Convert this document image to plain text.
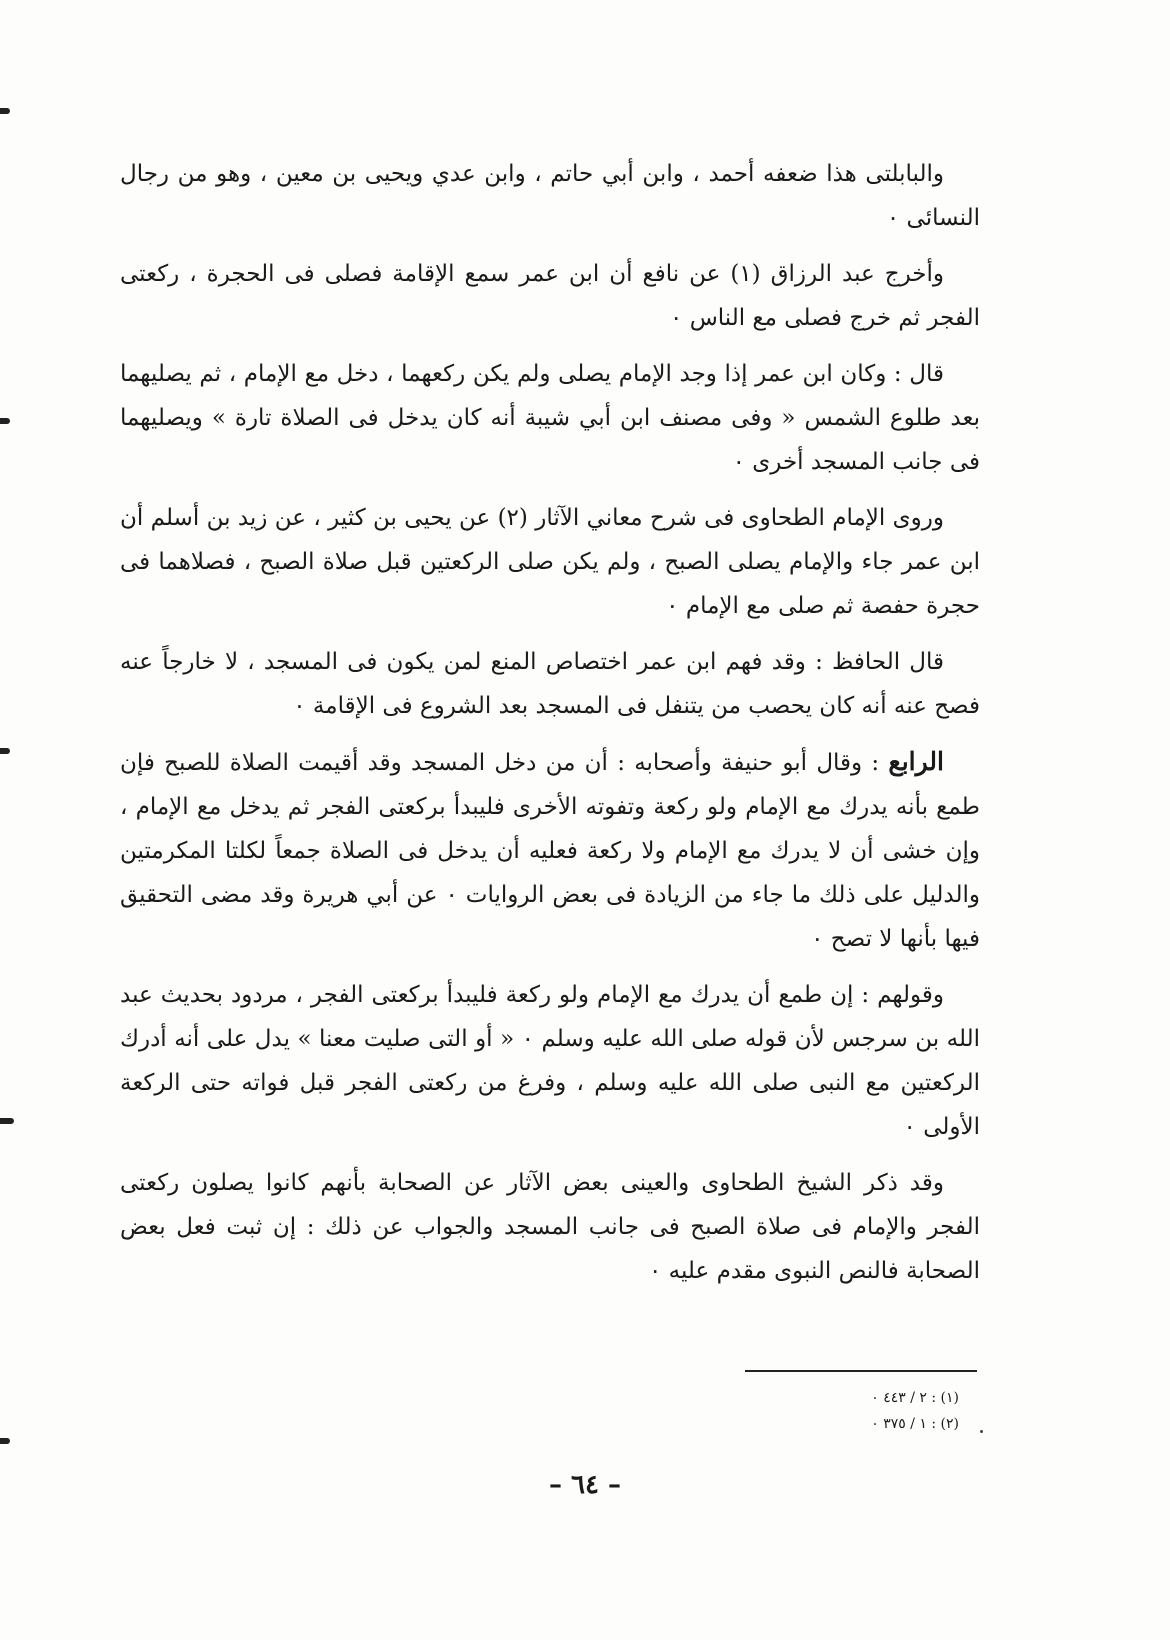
والبابلتى هذا ضعفه أحمد ، وابن أبي حاتم ، وابن عدي ويحيى بن معين ، وهو من رجال النسائى ٠

وأخرج عبد الرزاق (١) عن نافع أن ابن عمر سمع الإقامة فصلى فى الحجرة ، ركعتى الفجر ثم خرج فصلى مع الناس ٠

قال : وكان ابن عمر إذا وجد الإمام يصلى ولم يكن ركعهما ، دخل مع الإمام ، ثم يصليهما بعد طلوع الشمس « وفى مصنف ابن أبي شيبة أنه كان يدخل فى الصلاة تارة » ويصليهما فى جانب المسجد أخرى ٠

وروى الإمام الطحاوى فى شرح معاني الآثار (٢) عن يحيى بن كثير ، عن زيد بن أسلم أن ابن عمر جاء والإمام يصلى الصبح ، ولم يكن صلى الركعتين قبل صلاة الصبح ، فصلاهما فى حجرة حفصة ثم صلى مع الإمام ٠

قال الحافظ : وقد فهم ابن عمر اختصاص المنع لمن يكون فى المسجد ، لا خارجاً عنه فصح عنه أنه كان يحصب من يتنفل فى المسجد بعد الشروع فى الإقامة ٠

الرابع : وقال أبو حنيفة وأصحابه : أن من دخل المسجد وقد أقيمت الصلاة للصبح فإن طمع بأنه يدرك مع الإمام ولو ركعة وتفوته الأخرى فليبدأ بركعتى الفجر ثم يدخل مع الإمام ، وإن خشى أن لا يدرك مع الإمام ولا ركعة فعليه أن يدخل فى الصلاة جمعاً لكلتا المكرمتين والدليل على ذلك ما جاء من الزيادة فى بعض الروايات ٠ عن أبي هريرة وقد مضى التحقيق فيها بأنها لا تصح ٠

وقولهم : إن طمع أن يدرك مع الإمام ولو ركعة فليبدأ بركعتى الفجر ، مردود بحديث عبد الله بن سرجس لأن قوله صلى الله عليه وسلم ٠ « أو التى صليت معنا » يدل على أنه أدرك الركعتين مع النبى صلى الله عليه وسلم ، وفرغ من ركعتى الفجر قبل فواته حتى الركعة الأولى ٠

وقد ذكر الشيخ الطحاوى والعينى بعض الآثار عن الصحابة بأنهم كانوا يصلون ركعتى الفجر والإمام فى صلاة الصبح فى جانب المسجد والجواب عن ذلك : إن ثبت فعل بعض الصحابة فالنص النبوى مقدم عليه ٠

(١) : ٢ / ٤٤٣ ٠
(٢) : ١ / ٣٧٥ ٠
– ٦٤ –
